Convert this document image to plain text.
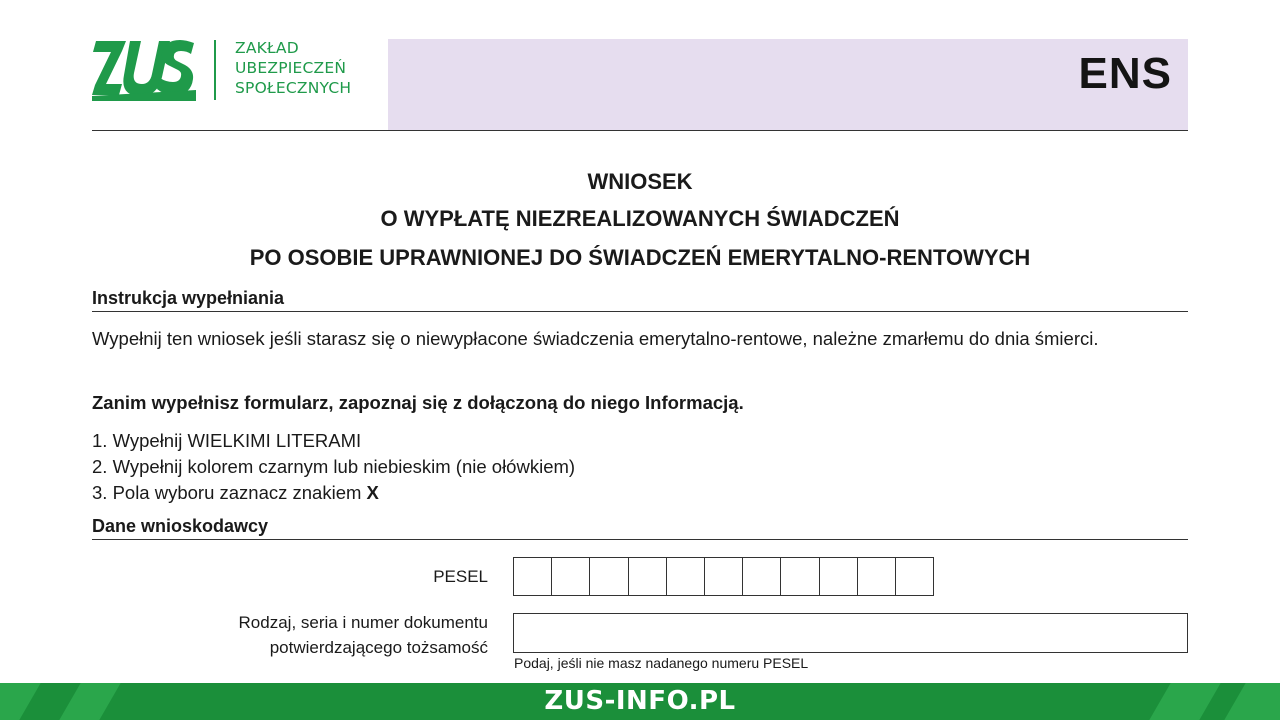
ZAKŁAD
UBEZPIECZEŃ
SPOŁECZNYCH	ENS
WNIOSEK
O WYPŁATĘ NIEZREALIZOWANYCH ŚWIADCZEŃ
PO OSOBIE UPRAWNIONEJ DO ŚWIADCZEŃ EMERYTALNO-RENTOWYCH
Instrukcja wypełniania
Wypełnij ten wniosek jeśli starasz się o niewypłacone świadczenia emerytalno-rentowe, należne zmarłemu do dnia śmierci.
Zanim wypełnisz formularz, zapoznaj się z dołączoną do niego Informacją.
1. Wypełnij WIELKIMI LITERAMI
2. Wypełnij kolorem czarnym lub niebieskim (nie ołówkiem)
3. Pola wyboru zaznacz znakiem X
Dane wnioskodawcy
PESEL
Rodzaj, seria i numer dokumentu
potwierdzającego tożsamość
Podaj, jeśli nie masz nadanego numeru PESEL
ZUS-INFO.PL
